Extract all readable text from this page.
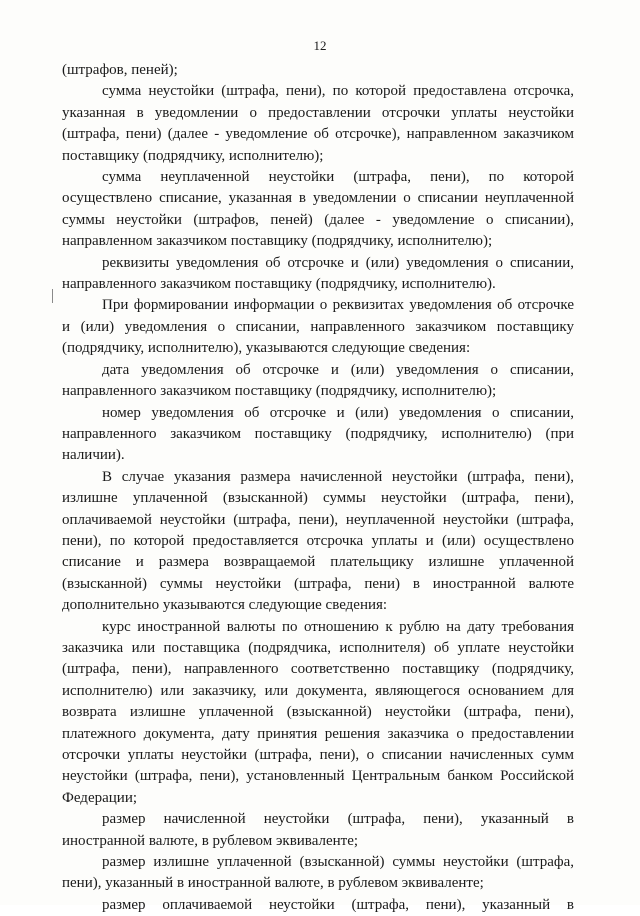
12

(штрафов, пеней);

сумма неустойки (штрафа, пени), по которой предоставлена отсрочка, указанная в уведомлении о предоставлении отсрочки уплаты неустойки (штрафа, пени) (далее - уведомление об отсрочке), направленном заказчиком поставщику (подрядчику, исполнителю);

сумма неуплаченной неустойки (штрафа, пени), по которой осуществлено списание, указанная в уведомлении о списании неуплаченной суммы неустойки (штрафов, пеней) (далее - уведомление о списании), направленном заказчиком поставщику (подрядчику, исполнителю);

реквизиты уведомления об отсрочке и (или) уведомления о списании, направленного заказчиком поставщику (подрядчику, исполнителю).

При формировании информации о реквизитах уведомления об отсрочке и (или) уведомления о списании, направленного заказчиком поставщику (подрядчику, исполнителю), указываются следующие сведения:

дата уведомления об отсрочке и (или) уведомления о списании, направленного заказчиком поставщику (подрядчику, исполнителю);

номер уведомления об отсрочке и (или) уведомления о списании, направленного заказчиком поставщику (подрядчику, исполнителю) (при наличии).

В случае указания размера начисленной неустойки (штрафа, пени), излишне уплаченной (взысканной) суммы неустойки (штрафа, пени), оплачиваемой неустойки (штрафа, пени), неуплаченной неустойки (штрафа, пени), по которой предоставляется отсрочка уплаты и (или) осуществлено списание и размера возвращаемой плательщику излишне уплаченной (взысканной) суммы неустойки (штрафа, пени) в иностранной валюте дополнительно указываются следующие сведения:

курс иностранной валюты по отношению к рублю на дату требования заказчика или поставщика (подрядчика, исполнителя) об уплате неустойки (штрафа, пени), направленного соответственно поставщику (подрядчику, исполнителю) или заказчику, или документа, являющегося основанием для возврата излишне уплаченной (взысканной) неустойки (штрафа, пени), платежного документа, дату принятия решения заказчика о предоставлении отсрочки уплаты неустойки (штрафа, пени), о списании начисленных сумм неустойки (штрафа, пени), установленный Центральным банком Российской Федерации;

размер начисленной неустойки (штрафа, пени), указанный в иностранной валюте, в рублевом эквиваленте;

размер излишне уплаченной (взысканной) суммы неустойки (штрафа, пени), указанный в иностранной валюте, в рублевом эквиваленте;

размер оплачиваемой неустойки (штрафа, пени), указанный в
